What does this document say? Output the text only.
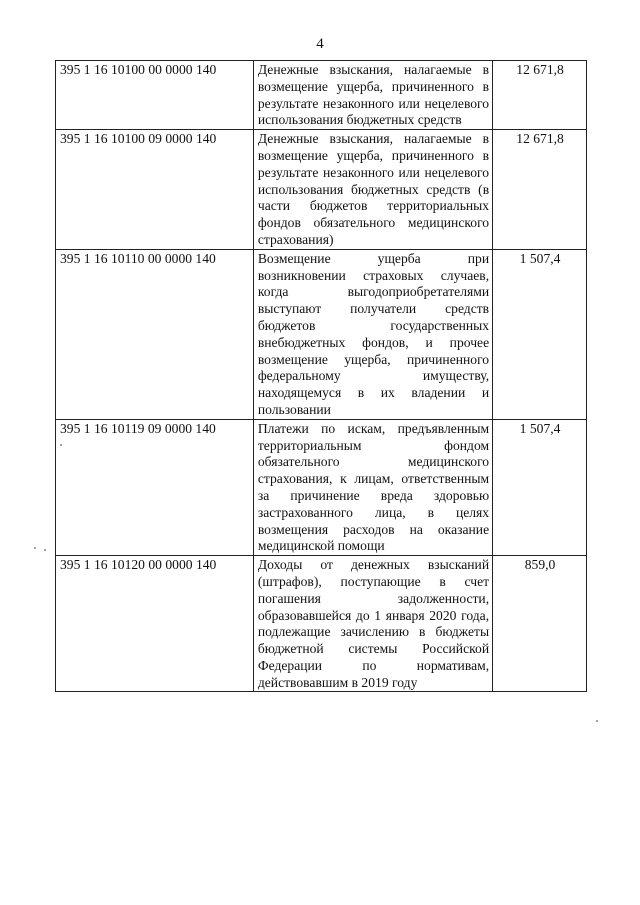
4
395 1 16 10100 00 0000 140	Денежные взыскания, налагаемые в возмещение ущерба, причиненного в результате незаконного или нецелевого использования бюджетных средств	12 671,8
395 1 16 10100 09 0000 140	Денежные взыскания, налагаемые в возмещение ущерба, причиненного в результате незаконного или нецелевого использования бюджетных средств (в части бюджетов территориальных фондов обязательного медицинского страхования)	12 671,8
395 1 16 10110 00 0000 140	Возмещение ущерба при возникновении страховых случаев, когда выгодоприобретателями выступают получатели средств бюджетов государственных внебюджетных фондов, и прочее возмещение ущерба, причиненного федеральному имуществу, находящемуся в их владении и пользовании	1 507,4
395 1 16 10119 09 0000 140	Платежи по искам, предъявленным территориальным фондом обязательного медицинского страхования, к лицам, ответственным за причинение вреда здоровью застрахованного лица, в целях возмещения расходов на оказание медицинской помощи	1 507,4
395 1 16 10120 00 0000 140	Доходы от денежных взысканий (штрафов), поступающие в счет погашения задолженности, образовавшейся до 1 января 2020 года, подлежащие зачислению в бюджеты бюджетной системы Российской Федерации по нормативам, действовавшим в 2019 году	859,0
